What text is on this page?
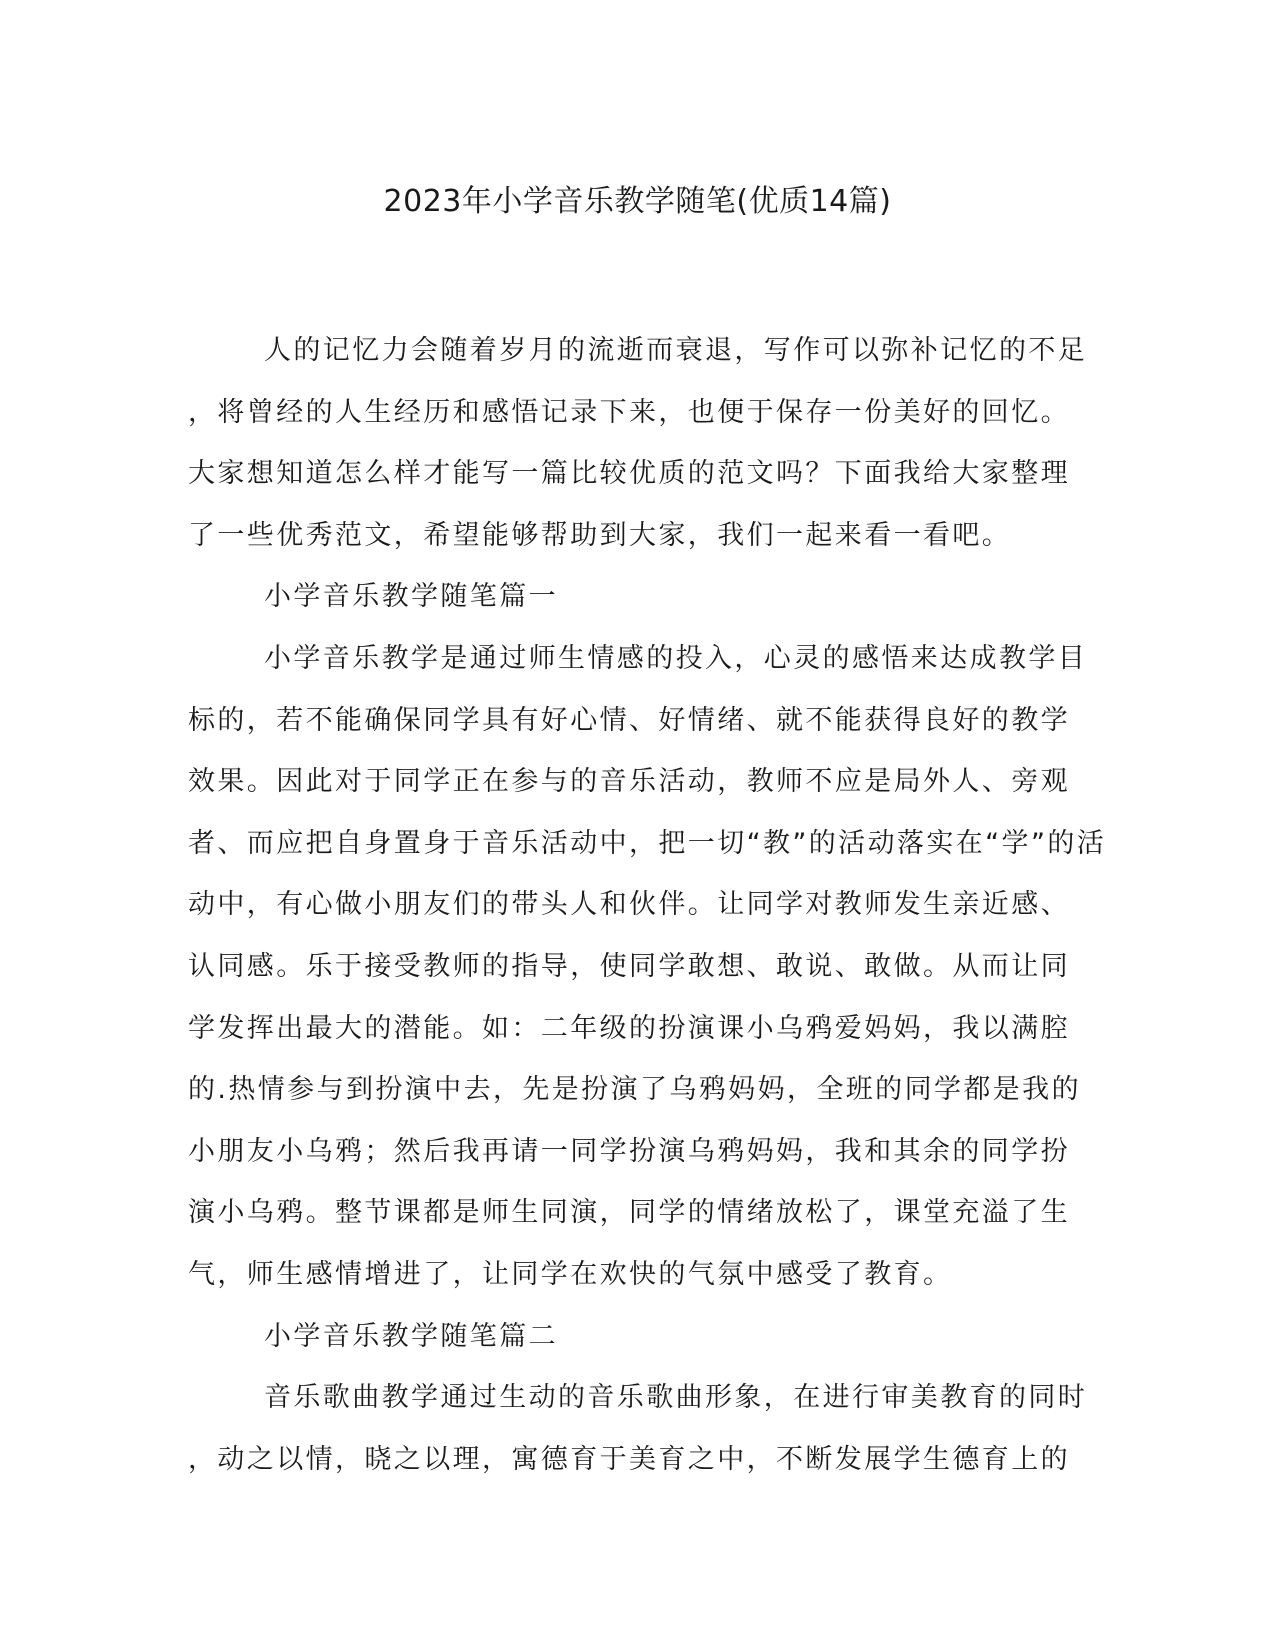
2023年小学音乐教学随笔(优质14篇)
人的记忆力会随着岁月的流逝而衰退，写作可以弥补记忆的不足
，将曾经的人生经历和感悟记录下来，也便于保存一份美好的回忆。
大家想知道怎么样才能写一篇比较优质的范文吗？下面我给大家整理
了一些优秀范文，希望能够帮助到大家，我们一起来看一看吧。
小学音乐教学随笔篇一
小学音乐教学是通过师生情感的投入，心灵的感悟来达成教学目
标的，若不能确保同学具有好心情、好情绪、就不能获得良好的教学
效果。因此对于同学正在参与的音乐活动，教师不应是局外人、旁观
者、而应把自身置身于音乐活动中，把一切“教”的活动落实在“学”的活
动中，有心做小朋友们的带头人和伙伴。让同学对教师发生亲近感、
认同感。乐于接受教师的指导，使同学敢想、敢说、敢做。从而让同
学发挥出最大的潜能。如：二年级的扮演课小乌鸦爱妈妈，我以满腔
的.热情参与到扮演中去，先是扮演了乌鸦妈妈，全班的同学都是我的
小朋友小乌鸦；然后我再请一同学扮演乌鸦妈妈，我和其余的同学扮
演小乌鸦。整节课都是师生同演，同学的情绪放松了，课堂充溢了生
气，师生感情增进了，让同学在欢快的气氛中感受了教育。
小学音乐教学随笔篇二
音乐歌曲教学通过生动的音乐歌曲形象，在进行审美教育的同时
，动之以情，晓之以理，寓德育于美育之中，不断发展学生德育上的
